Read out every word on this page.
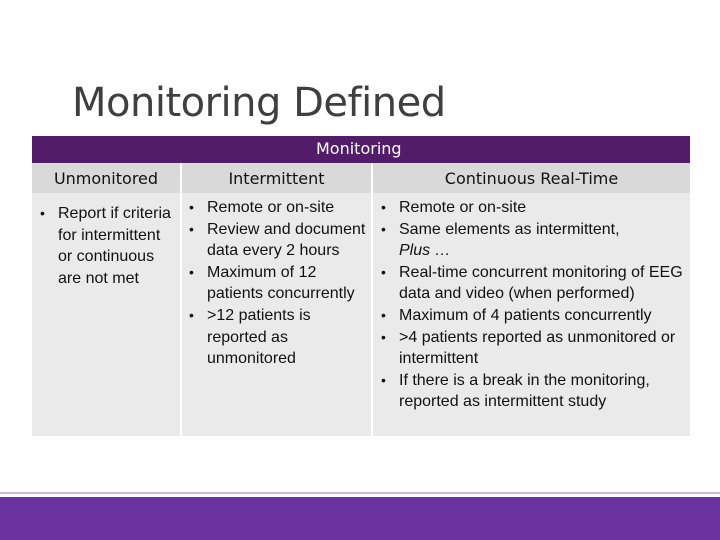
Monitoring Defined
Monitoring
Unmonitored	Intermittent	Continuous Real-Time
• Report if criteria for intermittent or continuous are not met
• Remote or on-site
• Review and document data every 2 hours
• Maximum of 12 patients concurrently
• >12 patients is reported as unmonitored
• Remote or on-site
• Same elements as intermittent,
Plus …
• Real-time concurrent monitoring of EEG data and video (when performed)
• Maximum of 4 patients concurrently
• >4 patients reported as unmonitored or intermittent
• If there is a break in the monitoring, reported as intermittent study
